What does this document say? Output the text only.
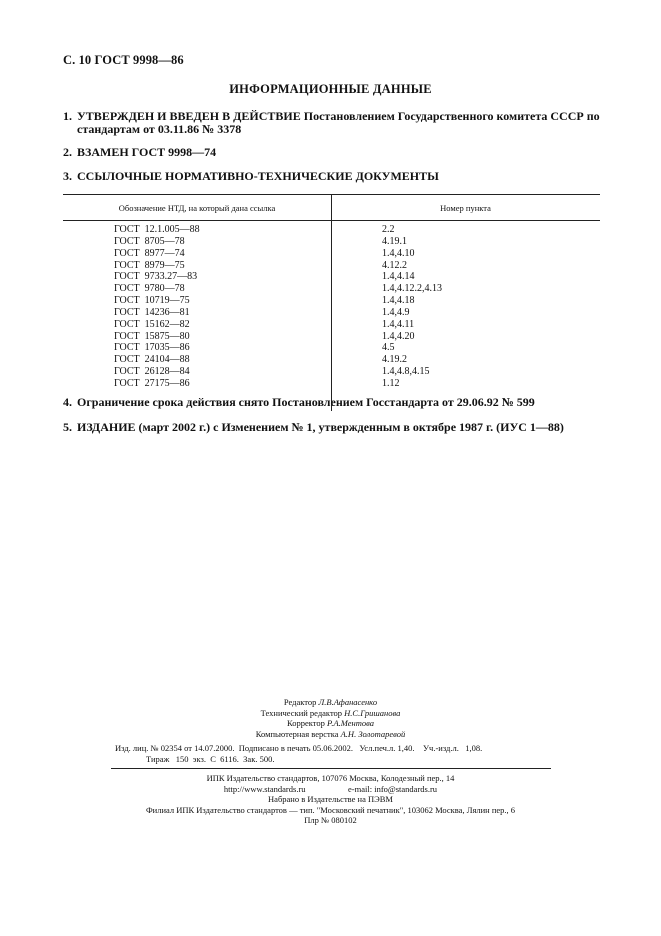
С. 10 ГОСТ 9998—86
ИНФОРМАЦИОННЫЕ ДАННЫЕ
1. УТВЕРЖДЕН И ВВЕДЕН В ДЕЙСТВИЕ Постановлением Государственного комитета СССР по
стандартам от 03.11.86 № 3378
2. ВЗАМЕН ГОСТ 9998—74
3. ССЫЛОЧНЫЕ НОРМАТИВНО-ТЕХНИЧЕСКИЕ ДОКУМЕНТЫ
Обозначение НТД, на который дана ссылка	Номер пункта
ГОСТ  12.1.005—88	2.2
ГОСТ  8705—78	4.19.1
ГОСТ  8977—74	1.4,4.10
ГОСТ  8979—75	4.12.2
ГОСТ  9733.27—83	1.4,4.14
ГОСТ  9780—78	1.4,4.12.2,4.13
ГОСТ  10719—75	1.4,4.18
ГОСТ  14236—81	1.4,4.9
ГОСТ  15162—82	1.4,4.11
ГОСТ  15875—80	1.4,4.20
ГОСТ  17035—86	4.5
ГОСТ  24104—88	4.19.2
ГОСТ  26128—84	1.4,4.8,4.15
ГОСТ  27175—86	1.12
4. Ограничение срока действия снято Постановлением Госстандарта от 29.06.92 № 599
5. ИЗДАНИЕ (март 2002 г.) с Изменением № 1, утвержденным в октябре 1987 г. (ИУС 1—88)
Редактор Л.В.Афанасенко
Технический редактор Н.С.Гришанова
Корректор Р.А.Ментова
Компьютерная верстка А.Н. Золотаревой
Изд. лиц. № 02354 от 14.07.2000.  Подписано в печать 05.06.2002.   Усл.печ.л. 1,40.    Уч.-изд.л.   1,08.
Тираж   150  экз.  С  6116.  Зак. 500.
ИПК Издательство стандартов, 107076 Москва, Колодезный пер., 14
http://www.standards.ru                    e-mail: info@standards.ru
Набрано в Издательстве на ПЭВМ
Филиал ИПК Издательство стандартов — тип. "Московский печатник", 103062 Москва, Лялин пер., 6
Плр № 080102
